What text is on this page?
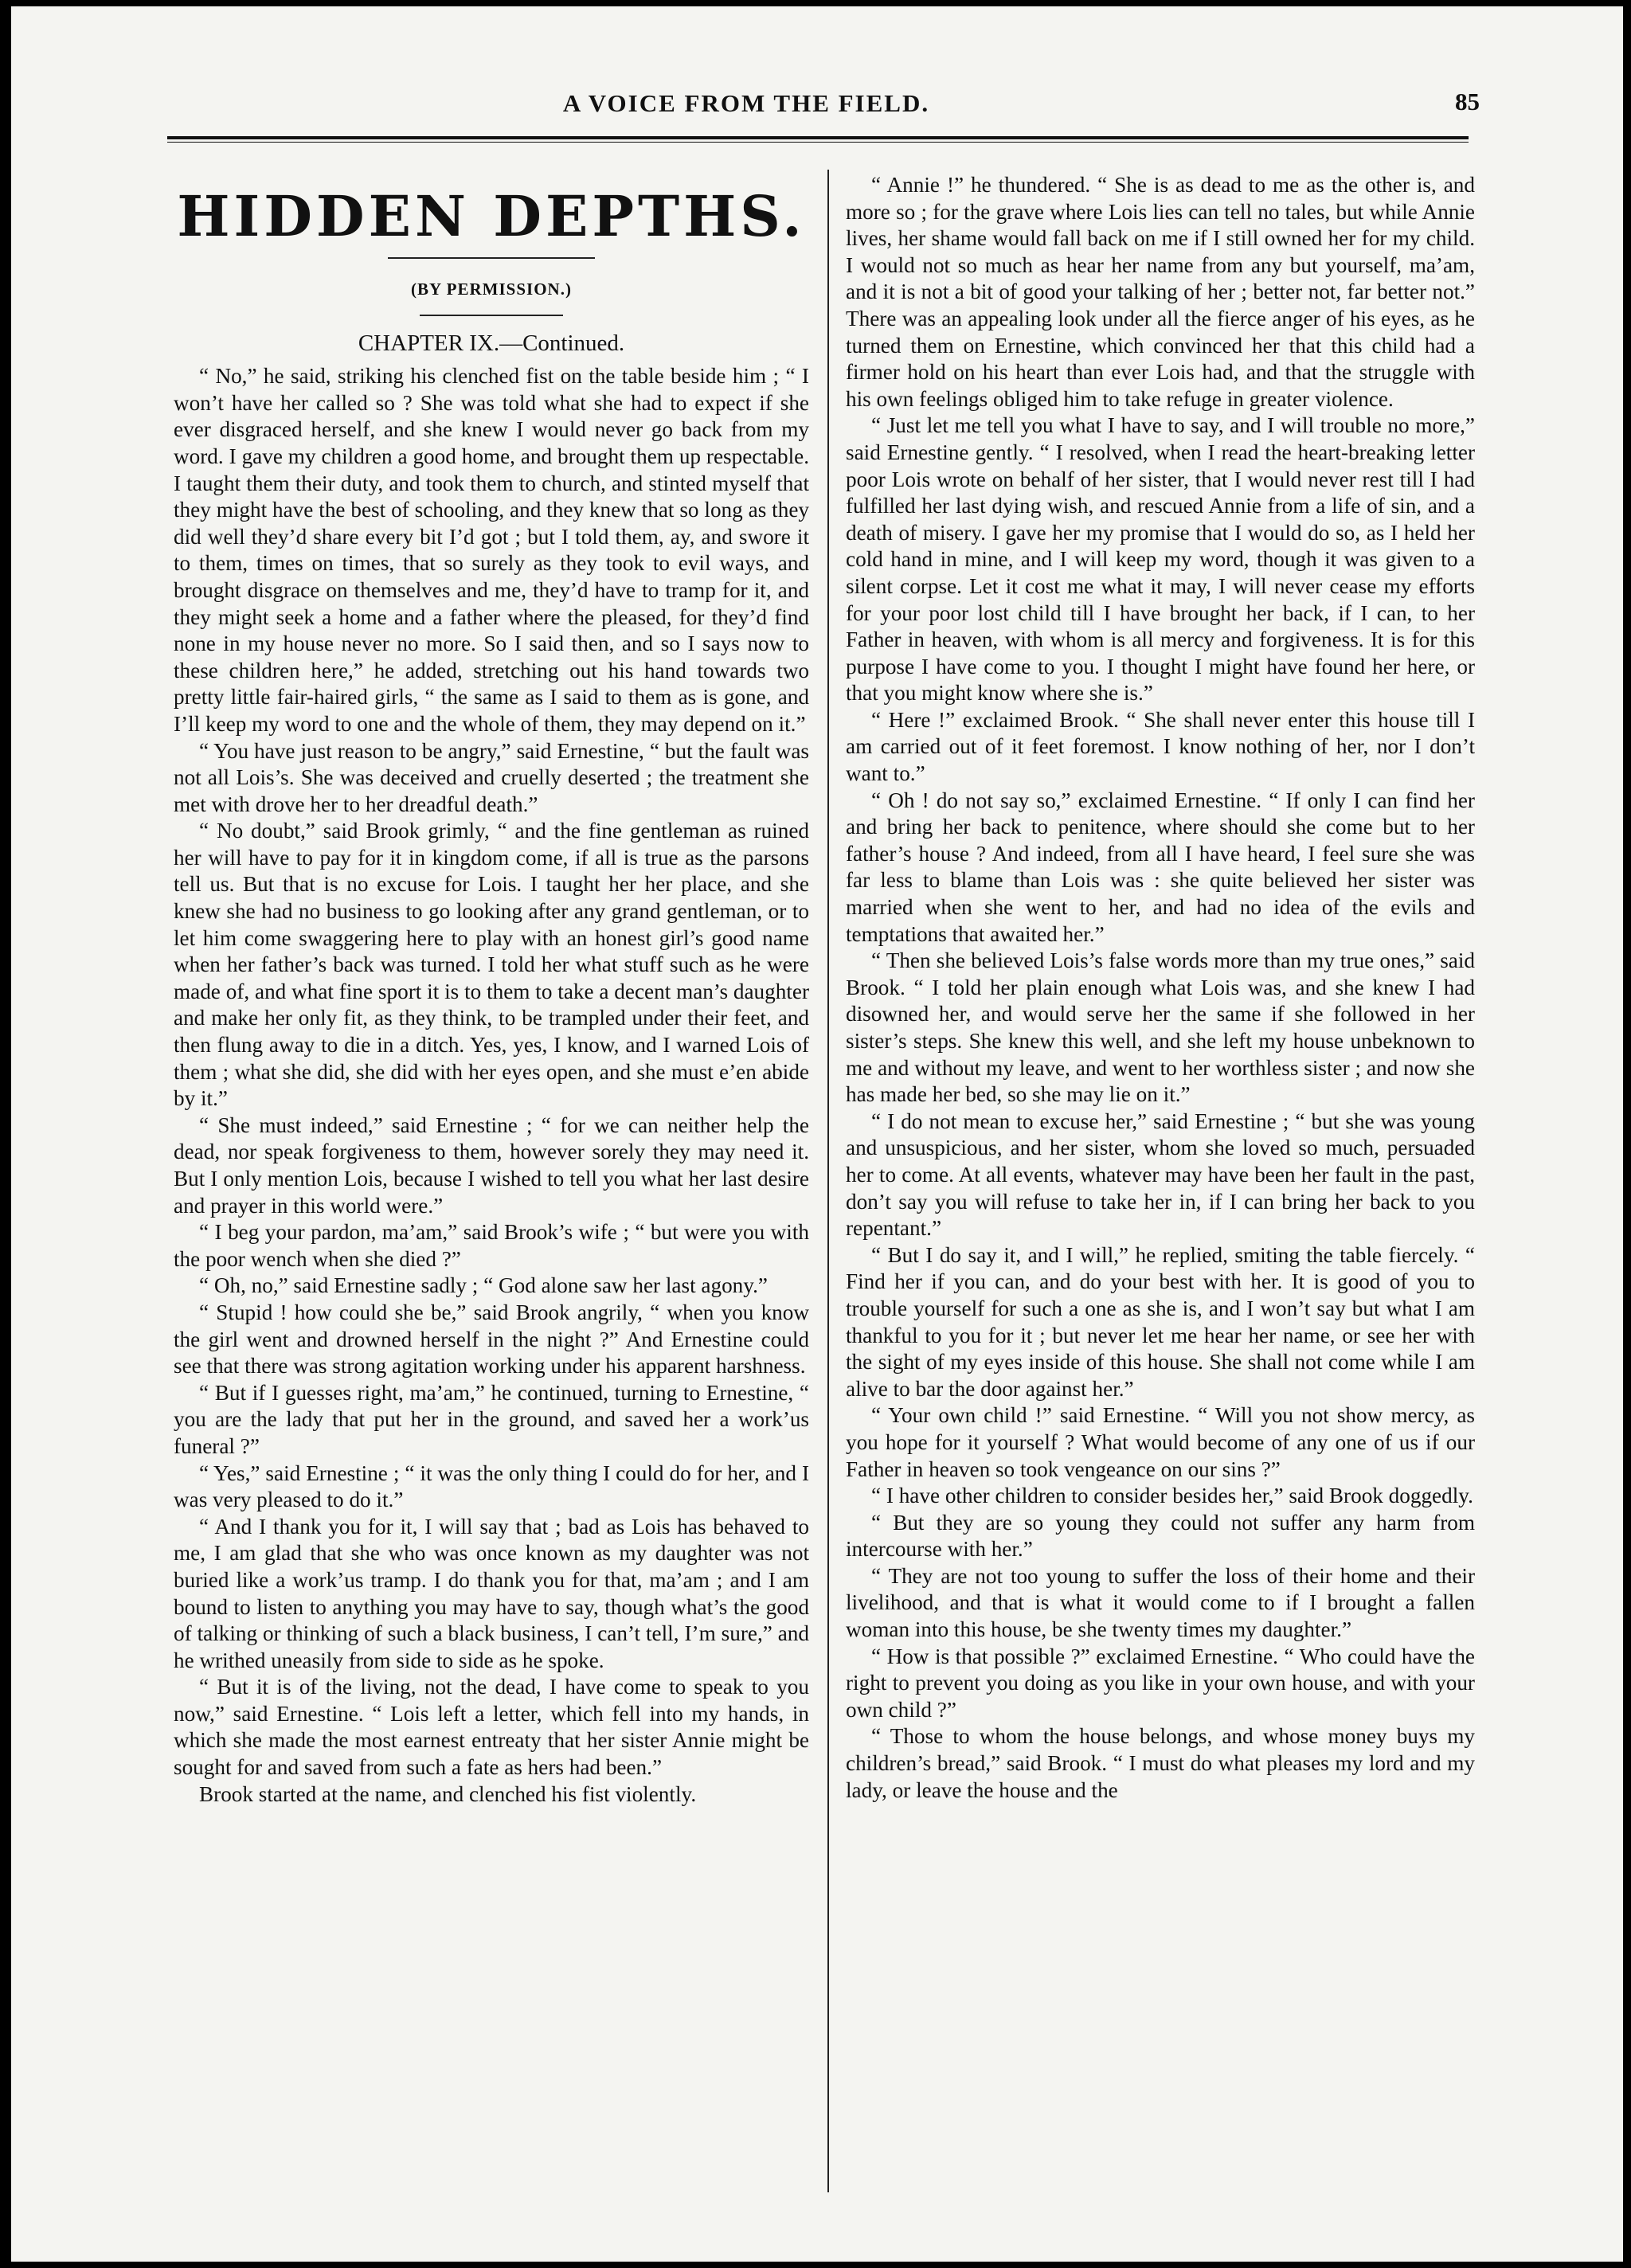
A VOICE FROM THE FIELD.	85
HIDDEN DEPTHS.
(BY PERMISSION.)
CHAPTER IX.—Continued.

“ No,” he said, striking his clenched fist on the table beside him ; “ I won’t have her called so ? She was told what she had to expect if she ever disgraced herself, and she knew I would never go back from my word. I gave my children a good home, and brought them up respectable. I taught them their duty, and took them to church, and stinted myself that they might have the best of schooling, and they knew that so long as they did well they’d share every bit I’d got ; but I told them, ay, and swore it to them, times on times, that so surely as they took to evil ways, and brought disgrace on themselves and me, they’d have to tramp for it, and they might seek a home and a father where the pleased, for they’d find none in my house never no more. So I said then, and so I says now to these children here,” he added, stretching out his hand towards two pretty little fair-haired girls, “ the same as I said to them as is gone, and I’ll keep my word to one and the whole of them, they may depend on it.”

“ You have just reason to be angry,” said Ernestine, “ but the fault was not all Lois’s. She was deceived and cruelly deserted ; the treatment she met with drove her to her dreadful death.”

“ No doubt,” said Brook grimly, “ and the fine gentleman as ruined her will have to pay for it in kingdom come, if all is true as the parsons tell us. But that is no excuse for Lois. I taught her her place, and she knew she had no business to go looking after any grand gentleman, or to let him come swaggering here to play with an honest girl’s good name when her father’s back was turned. I told her what stuff such as he were made of, and what fine sport it is to them to take a decent man’s daughter and make her only fit, as they think, to be trampled under their feet, and then flung away to die in a ditch. Yes, yes, I know, and I warned Lois of them ; what she did, she did with her eyes open, and she must e’en abide by it.”

“ She must indeed,” said Ernestine ; “ for we can neither help the dead, nor speak forgiveness to them, however sorely they may need it. But I only mention Lois, because I wished to tell you what her last desire and prayer in this world were.”

“ I beg your pardon, ma’am,” said Brook’s wife ; “ but were you with the poor wench when she died ?”

“ Oh, no,” said Ernestine sadly ; “ God alone saw her last agony.”

“ Stupid ! how could she be,” said Brook angrily, “ when you know the girl went and drowned herself in the night ?” And Ernestine could see that there was strong agitation working under his apparent harshness.

“ But if I guesses right, ma’am,” he continued, turning to Ernestine, “ you are the lady that put her in the ground, and saved her a work’us funeral ?”

“ Yes,” said Ernestine ; “ it was the only thing I could do for her, and I was very pleased to do it.”

“ And I thank you for it, I will say that ; bad as Lois has behaved to me, I am glad that she who was once known as my daughter was not buried like a work’us tramp. I do thank you for that, ma’am ; and I am bound to listen to anything you may have to say, though what’s the good of talking or thinking of such a black business, I can’t tell, I’m sure,” and he writhed uneasily from side to side as he spoke.

“ But it is of the living, not the dead, I have come to speak to you now,” said Ernestine. “ Lois left a letter, which fell into my hands, in which she made the most earnest entreaty that her sister Annie might be sought for and saved from such a fate as hers had been.”

Brook started at the name, and clenched his fist violently.

“ Annie !” he thundered. “ She is as dead to me as the other is, and more so ; for the grave where Lois lies can tell no tales, but while Annie lives, her shame would fall back on me if I still owned her for my child. I would not so much as hear her name from any but yourself, ma’am, and it is not a bit of good your talking of her ; better not, far better not.” There was an appealing look under all the fierce anger of his eyes, as he turned them on Ernestine, which convinced her that this child had a firmer hold on his heart than ever Lois had, and that the struggle with his own feelings obliged him to take refuge in greater violence.

“ Just let me tell you what I have to say, and I will trouble no more,” said Ernestine gently. “ I resolved, when I read the heart-breaking letter poor Lois wrote on behalf of her sister, that I would never rest till I had fulfilled her last dying wish, and rescued Annie from a life of sin, and a death of misery. I gave her my promise that I would do so, as I held her cold hand in mine, and I will keep my word, though it was given to a silent corpse. Let it cost me what it may, I will never cease my efforts for your poor lost child till I have brought her back, if I can, to her Father in heaven, with whom is all mercy and forgiveness. It is for this purpose I have come to you. I thought I might have found her here, or that you might know where she is.”

“ Here !” exclaimed Brook. “ She shall never enter this house till I am carried out of it feet foremost. I know nothing of her, nor I don’t want to.”

“ Oh ! do not say so,” exclaimed Ernestine. “ If only I can find her and bring her back to penitence, where should she come but to her father’s house ? And indeed, from all I have heard, I feel sure she was far less to blame than Lois was : she quite believed her sister was married when she went to her, and had no idea of the evils and temptations that awaited her.”

“ Then she believed Lois’s false words more than my true ones,” said Brook. “ I told her plain enough what Lois was, and she knew I had disowned her, and would serve her the same if she followed in her sister’s steps. She knew this well, and she left my house unbeknown to me and without my leave, and went to her worthless sister ; and now she has made her bed, so she may lie on it.”

“ I do not mean to excuse her,” said Ernestine ; “ but she was young and unsuspicious, and her sister, whom she loved so much, persuaded her to come. At all events, whatever may have been her fault in the past, don’t say you will refuse to take her in, if I can bring her back to you repentant.”

“ But I do say it, and I will,” he replied, smiting the table fiercely. “ Find her if you can, and do your best with her. It is good of you to trouble yourself for such a one as she is, and I won’t say but what I am thankful to you for it ; but never let me hear her name, or see her with the sight of my eyes inside of this house. She shall not come while I am alive to bar the door against her.”

“ Your own child !” said Ernestine. “ Will you not show mercy, as you hope for it yourself ? What would become of any one of us if our Father in heaven so took vengeance on our sins ?”

“ I have other children to consider besides her,” said Brook doggedly.

“ But they are so young they could not suffer any harm from intercourse with her.”

“ They are not too young to suffer the loss of their home and their livelihood, and that is what it would come to if I brought a fallen woman into this house, be she twenty times my daughter.”

“ How is that possible ?” exclaimed Ernestine. “ Who could have the right to prevent you doing as you like in your own house, and with your own child ?”

“ Those to whom the house belongs, and whose money buys my children’s bread,” said Brook. “ I must do what pleases my lord and my lady, or leave the house and the
